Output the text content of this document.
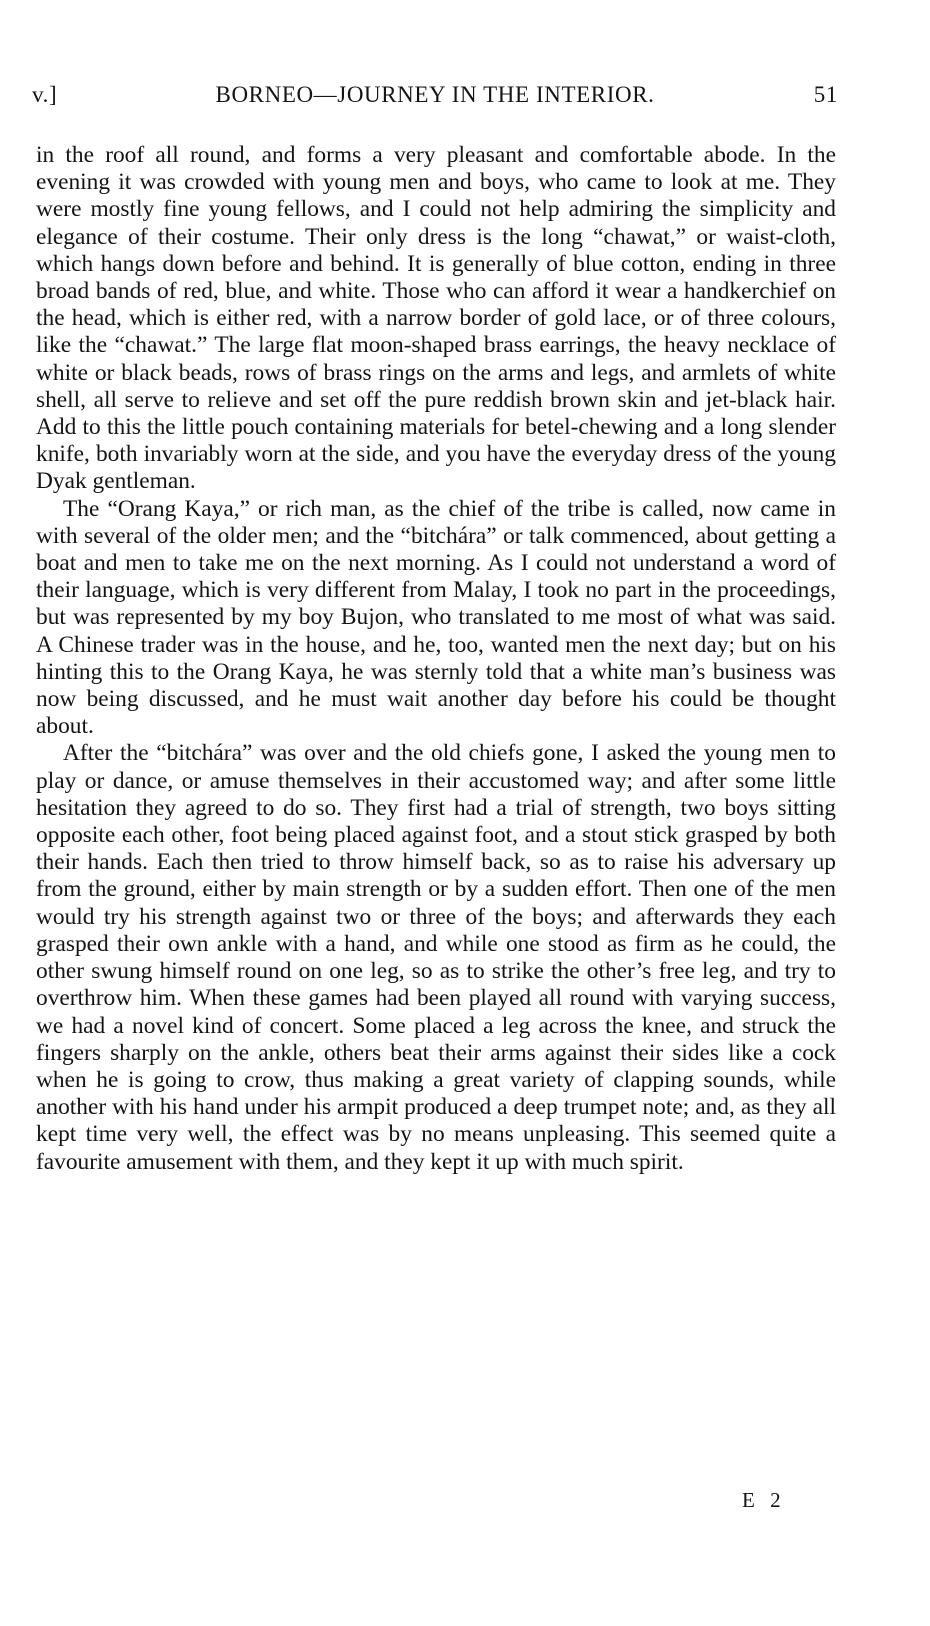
v.]	BORNEO—JOURNEY IN THE INTERIOR.	51

in the roof all round, and forms a very pleasant and comfortable abode. In the evening it was crowded with young men and boys, who came to look at me. They were mostly fine young fellows, and I could not help admiring the simplicity and elegance of their costume. Their only dress is the long “chawat,” or waist-cloth, which hangs down before and behind. It is generally of blue cotton, ending in three broad bands of red, blue, and white. Those who can afford it wear a handkerchief on the head, which is either red, with a narrow border of gold lace, or of three colours, like the “chawat.” The large flat moon-shaped brass earrings, the heavy necklace of white or black beads, rows of brass rings on the arms and legs, and armlets of white shell, all serve to relieve and set off the pure reddish brown skin and jet-black hair. Add to this the little pouch containing materials for betel-chewing and a long slender knife, both invariably worn at the side, and you have the everyday dress of the young Dyak gentleman.

The “Orang Kaya,” or rich man, as the chief of the tribe is called, now came in with several of the older men; and the “bitchára” or talk commenced, about getting a boat and men to take me on the next morning. As I could not understand a word of their language, which is very different from Malay, I took no part in the proceedings, but was represented by my boy Bujon, who translated to me most of what was said. A Chinese trader was in the house, and he, too, wanted men the next day; but on his hinting this to the Orang Kaya, he was sternly told that a white man’s business was now being discussed, and he must wait another day before his could be thought about.

After the “bitchára” was over and the old chiefs gone, I asked the young men to play or dance, or amuse themselves in their accustomed way; and after some little hesitation they agreed to do so. They first had a trial of strength, two boys sitting opposite each other, foot being placed against foot, and a stout stick grasped by both their hands. Each then tried to throw himself back, so as to raise his adversary up from the ground, either by main strength or by a sudden effort. Then one of the men would try his strength against two or three of the boys; and afterwards they each grasped their own ankle with a hand, and while one stood as firm as he could, the other swung himself round on one leg, so as to strike the other’s free leg, and try to overthrow him. When these games had been played all round with varying success, we had a novel kind of concert. Some placed a leg across the knee, and struck the fingers sharply on the ankle, others beat their arms against their sides like a cock when he is going to crow, thus making a great variety of clapping sounds, while another with his hand under his armpit produced a deep trumpet note; and, as they all kept time very well, the effect was by no means unpleasing. This seemed quite a favourite amusement with them, and they kept it up with much spirit.

E 2
